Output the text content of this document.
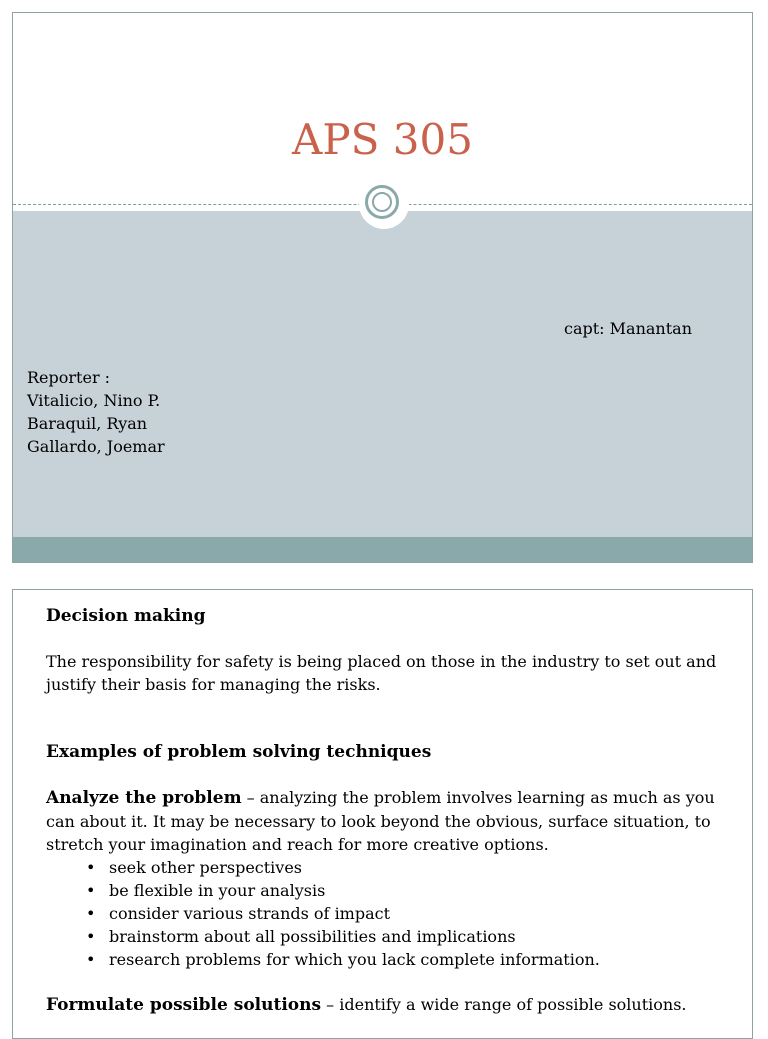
APS 305
capt: Manantan
Reporter :
Vitalicio, Nino P.
Baraquil, Ryan
Gallardo, Joemar
Decision making

The responsibility for safety is being placed on those in the industry to set out and justify their basis for managing the risks.

Examples of problem solving techniques

Analyze the problem – analyzing the problem involves learning as much as you can about it. It may be necessary to look beyond the obvious, surface situation, to stretch your imagination and reach for more creative options.

• seek other perspectives
• be flexible in your analysis
• consider various strands of impact
• brainstorm about all possibilities and implications
• research problems for which you lack complete information.

Formulate possible solutions – identify a wide range of possible solutions.
